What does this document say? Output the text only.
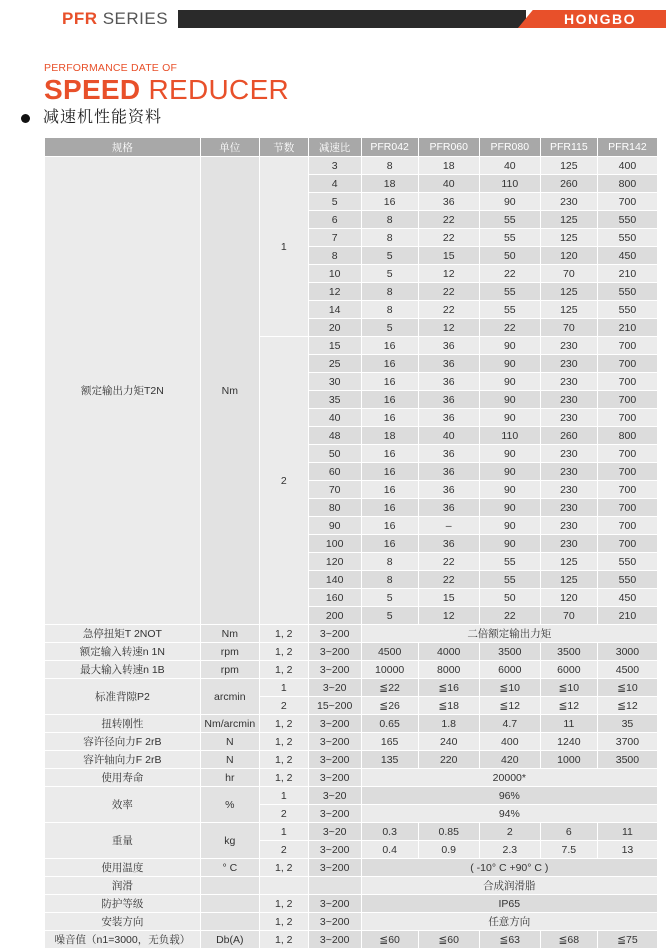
PFR SERIES	HONGBO
PERFORMANCE DATE OF
SPEED REDUCER
减速机性能资料
规格	单位	节数	减速比	PFR042	PFR060	PFR080	PFR115	PFR142
额定输出力矩T2N	Nm	1	3	8	18	40	125	400
			4	18	40	110	260	800
			5	16	36	90	230	700
			6	8	22	55	125	550
			7	8	22	55	125	550
			8	5	15	50	120	450
			10	5	12	22	70	210
			12	8	22	55	125	550
			14	8	22	55	125	550
			20	5	12	22	70	210
		2	15	16	36	90	230	700
			25	16	36	90	230	700
			30	16	36	90	230	700
			35	16	36	90	230	700
			40	16	36	90	230	700
			48	18	40	110	260	800
			50	16	36	90	230	700
			60	16	36	90	230	700
			70	16	36	90	230	700
			80	16	36	90	230	700
			90	16	–	90	230	700
			100	16	36	90	230	700
			120	8	22	55	125	550
			140	8	22	55	125	550
			160	5	15	50	120	450
			200	5	12	22	70	210
急停扭矩T 2NOT	Nm	1, 2	3~200	二倍额定输出力矩				
额定输入转速n 1N	rpm	1, 2	3~200	4500	4000	3500	3500	3000
最大输入转速n 1B	rpm	1, 2	3~200	10000	8000	6000	6000	4500
标准背隙P2	arcmin	1	3~20	≦22	≦16	≦10	≦10	≦10
		2	15~200	≦26	≦18	≦12	≦12	≦12
扭转刚性	Nm/arcmin	1, 2	3~200	0.65	1.8	4.7	11	35
容许径向力F 2rB	N	1, 2	3~200	165	240	400	1240	3700
容许轴向力F 2rB	N	1, 2	3~200	135	220	420	1000	3500
使用寿命	hr	1, 2	3~200	20000*				
效率	%	1	3~20	96%				
		2	3~200	94%				
重量	kg	1	3~20	0.3	0.85	2	6	11
		2	3~200	0.4	0.9	2.3	7.5	13
使用温度	° C	1, 2	3~200	( -10° C +90° C )				
润滑				合成润滑脂				
防护等级		1, 2	3~200	IP65				
安装方向		1, 2	3~200	任意方向				
噪音值（n1=3000，无负载）	Db(A)	1, 2	3~200	≦60	≦60	≦63	≦68	≦75
